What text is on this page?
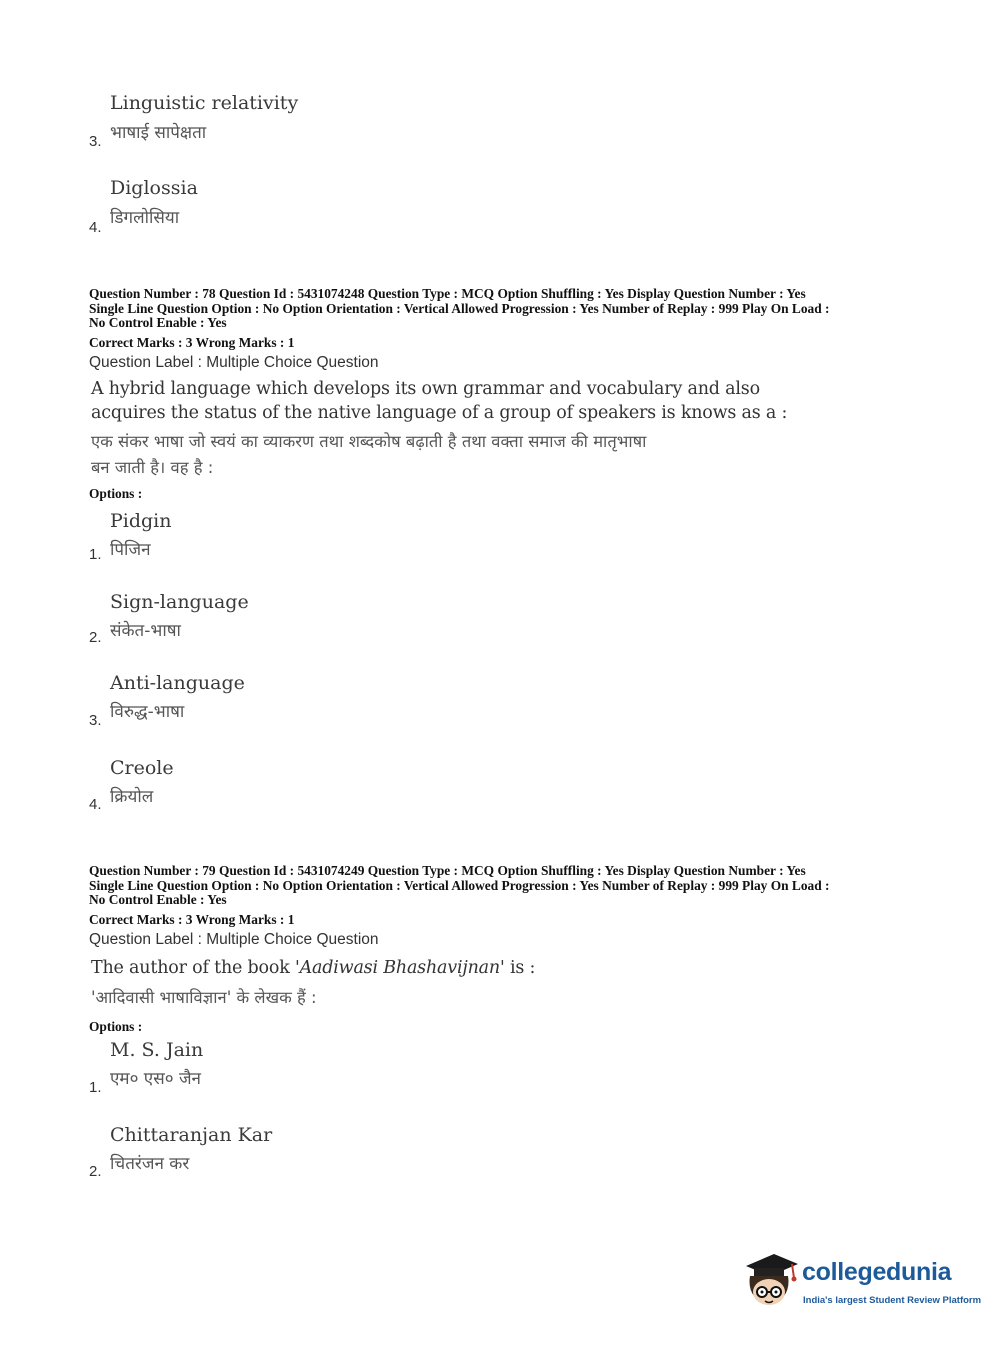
Linguistic relativity
भाषाई सापेक्षता
3.
Diglossia
डिगलोसिया
4.
Question Number : 78 Question Id : 5431074248 Question Type : MCQ Option Shuffling : Yes Display Question Number : Yes
Single Line Question Option : No Option Orientation : Vertical Allowed Progression : Yes Number of Replay : 999 Play On Load :
No Control Enable : Yes
Correct Marks : 3 Wrong Marks : 1
Question Label : Multiple Choice Question
A hybrid language which develops its own grammar and vocabulary and also
acquires the status of the native language of a group of speakers is knows as a :
एक संकर भाषा जो स्वयं का व्याकरण तथा शब्दकोष बढ़ाती है तथा वक्ता समाज की मातृभाषा
बन जाती है। वह है :
Options :
Pidgin
पिजिन
1.
Sign-language
संकेत-भाषा
2.
Anti-language
विरुद्ध-भाषा
3.
Creole
क्रियोल
4.
Question Number : 79 Question Id : 5431074249 Question Type : MCQ Option Shuffling : Yes Display Question Number : Yes
Single Line Question Option : No Option Orientation : Vertical Allowed Progression : Yes Number of Replay : 999 Play On Load :
No Control Enable : Yes
Correct Marks : 3 Wrong Marks : 1
Question Label : Multiple Choice Question
The author of the book 'Aadiwasi Bhashavijnan' is :
'आदिवासी भाषाविज्ञान' के लेखक हैं :
Options :
M. S. Jain
एम० एस० जैन
1.
Chittaranjan Kar
चितरंजन कर
2.
collegedunia
India's largest Student Review Platform
